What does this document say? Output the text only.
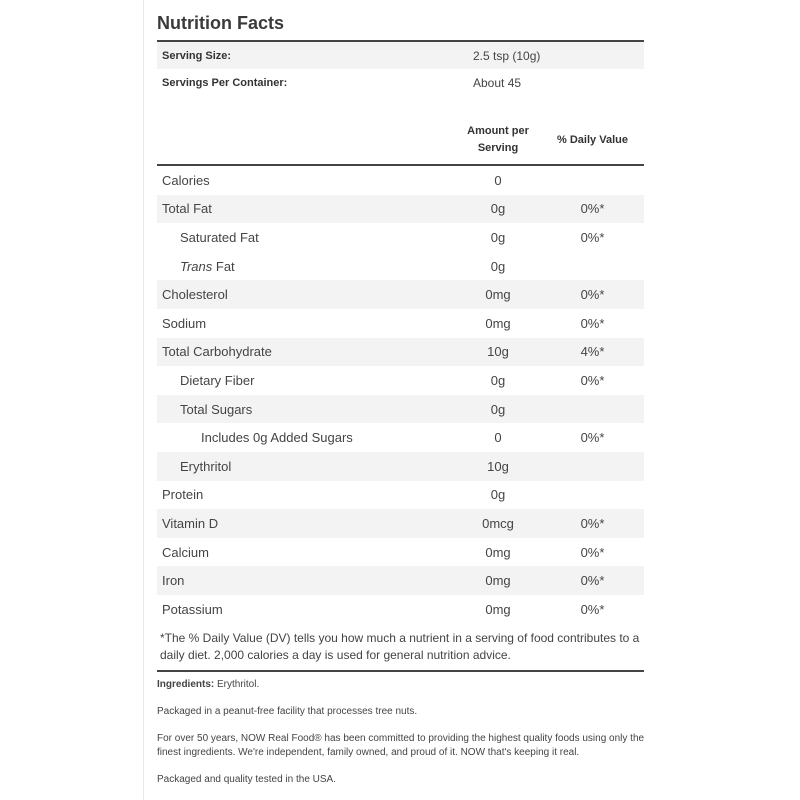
Nutrition Facts
Serving Size:	2.5 tsp (10g)
Servings Per Container:	About 45
Amount per
Serving
% Daily Value
Calories	0
Total Fat	0g	0%*
Saturated Fat	0g	0%*
Trans Fat	0g
Cholesterol	0mg	0%*
Sodium	0mg	0%*
Total Carbohydrate	10g	4%*
Dietary Fiber	0g	0%*
Total Sugars	0g
Includes 0g Added Sugars	0	0%*
Erythritol	10g
Protein	0g
Vitamin D	0mcg	0%*
Calcium	0mg	0%*
Iron	0mg	0%*
Potassium	0mg	0%*
*The % Daily Value (DV) tells you how much a nutrient in a serving of food contributes to a daily diet. 2,000 calories a day is used for general nutrition advice.

Ingredients: Erythritol.

Packaged in a peanut-free facility that processes tree nuts.

For over 50 years, NOW Real Food® has been committed to providing the highest quality foods using only the finest ingredients. We're independent, family owned, and proud of it. NOW that's keeping it real.

Packaged and quality tested in the USA.
